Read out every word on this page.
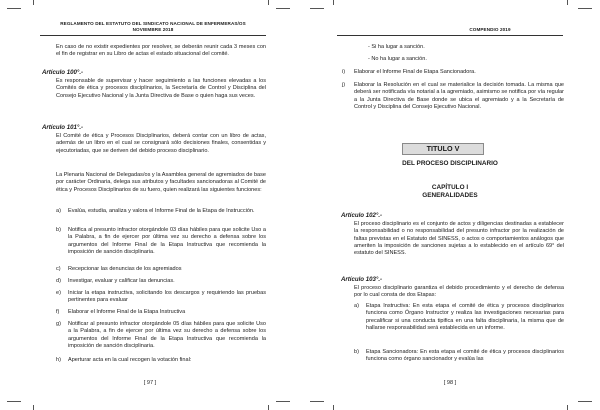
REGLAMENTO DEL ESTATUTO DEL SINDICATO NACIONAL DE ENFERMERAS/OS
NOVIEMBRE 2018
En caso de no existir expedientes por resolver, se deberán reunir cada 3 meses con el fin de registrar en su Libro de actas el estado situacional del comité.
Artículo 100°.-
Es responsable de supervisar y hacer seguimiento a las funciones elevadas a los Comités de ética y procesos disciplinarios, la Secretaría de Control y Disciplina del Consejo Ejecutivo Nacional y la Junta Directiva de Base o quien haga sus veces.
Artículo 101°.-
El Comité de ética y Procesos Disciplinarios, deberá contar con un libro de actas, además de un libro en el cual se consignará sólo decisiones finales, consentidas y ejecutoriadas, que se deriven del debido proceso disciplinario.
La Plenaria Nacional de Delegadas/os y la Asamblea general de agremiados de base por carácter Ordinaria, delega sus atributos y facultades sancionadoras al Comité de ética y Procesos Disciplinarios de su fuero, quien realizará las siguientes funciones:
a) Evalúa, estudia, analiza y valora el Informe Final de la Etapa de Instrucción.
b) Notifica al presunto infractor otorgándole 03 días hábiles para que solicite Uso a la Palabra, a fin de ejercer por última vez su derecho a defensa sobre los argumentos del Informe Final de la Etapa Instructiva que recomienda la imposición de sanción disciplinaria.
c) Recepcionar las denuncias de los agremiados
d) Investigar, evaluar y calificar las denuncias.
e) Iniciar la etapa instructiva, solicitando los descargos y requiriendo las pruebas pertinentes para evaluar
f) Elaborar el Informe Final de la Etapa Instructiva
g) Notificar al presunto infractor otorgándole 05 días hábiles para que solicite Uso a la Palabra, a fin de ejercer por última vez su derecho a defensa sobre los argumentos del Informe Final de la Etapa Instructiva que recomienda la imposición de sanción disciplinaria.
h) Aperturar acta en la cual recogen la votación final:
[ 97 ]
COMPENDIO 2019
- Si ha lugar a sanción.
- No ha lugar a sanción.
i) Elaborar el Informe Final de Etapa Sancionadora.
j) Elaborar la Resolución en el cual se materialice la decisión tomada. La misma que deberá ser notificada vía notarial a la agremiado, asimismo se notifica por vía regular a la Junta Directiva de Base donde se ubica el agremiado y a la Secretaría de Control y Disciplina del Consejo Ejecutivo Nacional.
TITULO V
DEL PROCESO DISCIPLINARIO
CAPÍTULO I
GENERALIDADES
Artículo 102°.-
El proceso disciplinario es el conjunto de actos y diligencias destinadas a establecer la responsabilidad o no responsabilidad del presunto infractor por la realización de faltas previstas en el Estatuto del SINESS, o actos o comportamientos análogos que ameriten la imposición de sanciones sujetas a lo establecido en el artículo 69° del estatuto del SINESS.
Artículo 103°.-
El proceso disciplinario garantiza el debido procedimiento y el derecho de defensa por lo cual consta de dos Etapas:
a) Etapa Instructiva: En esta etapa el comité de ética y procesos disciplinarios funciona como Órgano Instructor y realiza las investigaciones necesarias para precalificar si una conducta tipifica en una falta disciplinaria, la misma que de hallarse responsabilidad será establecida en un informe.
b) Etapa Sancionadora: En esta etapa el comité de ética y procesos disciplinarios funciona como órgano sancionador y evalúa las
[ 98 ]
